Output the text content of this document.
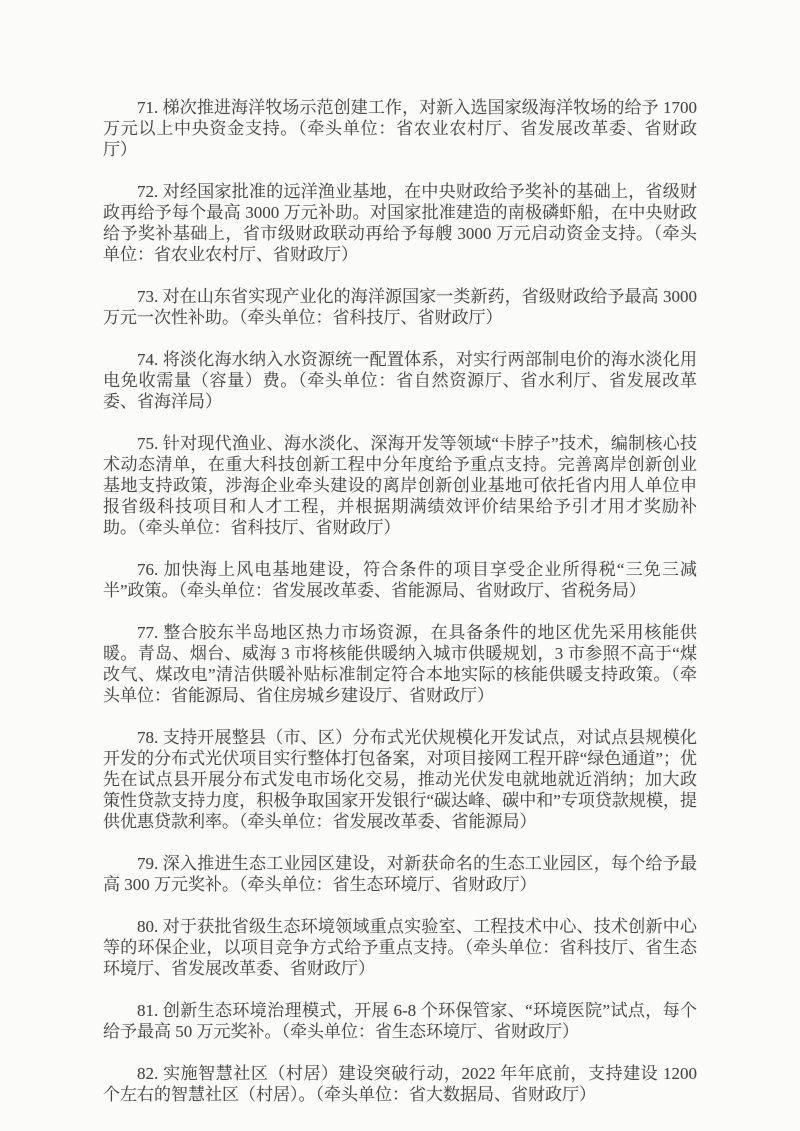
71. 梯次推进海洋牧场示范创建工作，对新入选国家级海洋牧场的给予 1700 万元以上中央资金支持。（牵头单位：省农业农村厅、省发展改革委、省财政厅）

72. 对经国家批准的远洋渔业基地，在中央财政给予奖补的基础上，省级财政再给予每个最高 3000 万元补助。对国家批准建造的南极磷虾船，在中央财政给予奖补基础上，省市级财政联动再给予每艘 3000 万元启动资金支持。（牵头单位：省农业农村厅、省财政厅）

73. 对在山东省实现产业化的海洋源国家一类新药，省级财政给予最高 3000 万元一次性补助。（牵头单位：省科技厅、省财政厅）

74. 将淡化海水纳入水资源统一配置体系，对实行两部制电价的海水淡化用电免收需量（容量）费。（牵头单位：省自然资源厅、省水利厅、省发展改革委、省海洋局）

75. 针对现代渔业、海水淡化、深海开发等领域“卡脖子”技术，编制核心技术动态清单，在重大科技创新工程中分年度给予重点支持。完善离岸创新创业基地支持政策，涉海企业牵头建设的离岸创新创业基地可依托省内用人单位申报省级科技项目和人才工程，并根据期满绩效评价结果给予引才用才奖励补助。（牵头单位：省科技厅、省财政厅）

76. 加快海上风电基地建设，符合条件的项目享受企业所得税“三免三减半”政策。（牵头单位：省发展改革委、省能源局、省财政厅、省税务局）

77. 整合胶东半岛地区热力市场资源，在具备条件的地区优先采用核能供暖。青岛、烟台、威海 3 市将核能供暖纳入城市供暖规划，3 市参照不高于“煤改气、煤改电”清洁供暖补贴标准制定符合本地实际的核能供暖支持政策。（牵头单位：省能源局、省住房城乡建设厅、省财政厅）

78. 支持开展整县（市、区）分布式光伏规模化开发试点，对试点县规模化开发的分布式光伏项目实行整体打包备案，对项目接网工程开辟“绿色通道”；优先在试点县开展分布式发电市场化交易，推动光伏发电就地就近消纳；加大政策性贷款支持力度，积极争取国家开发银行“碳达峰、碳中和”专项贷款规模，提供优惠贷款利率。（牵头单位：省发展改革委、省能源局）

79. 深入推进生态工业园区建设，对新获命名的生态工业园区，每个给予最高 300 万元奖补。（牵头单位：省生态环境厅、省财政厅）

80. 对于获批省级生态环境领域重点实验室、工程技术中心、技术创新中心等的环保企业，以项目竞争方式给予重点支持。（牵头单位：省科技厅、省生态环境厅、省发展改革委、省财政厅）

81. 创新生态环境治理模式，开展 6-8 个环保管家、“环境医院”试点，每个给予最高 50 万元奖补。（牵头单位：省生态环境厅、省财政厅）

82. 实施智慧社区（村居）建设突破行动，2022 年年底前，支持建设 1200 个左右的智慧社区（村居）。（牵头单位：省大数据局、省财政厅）
